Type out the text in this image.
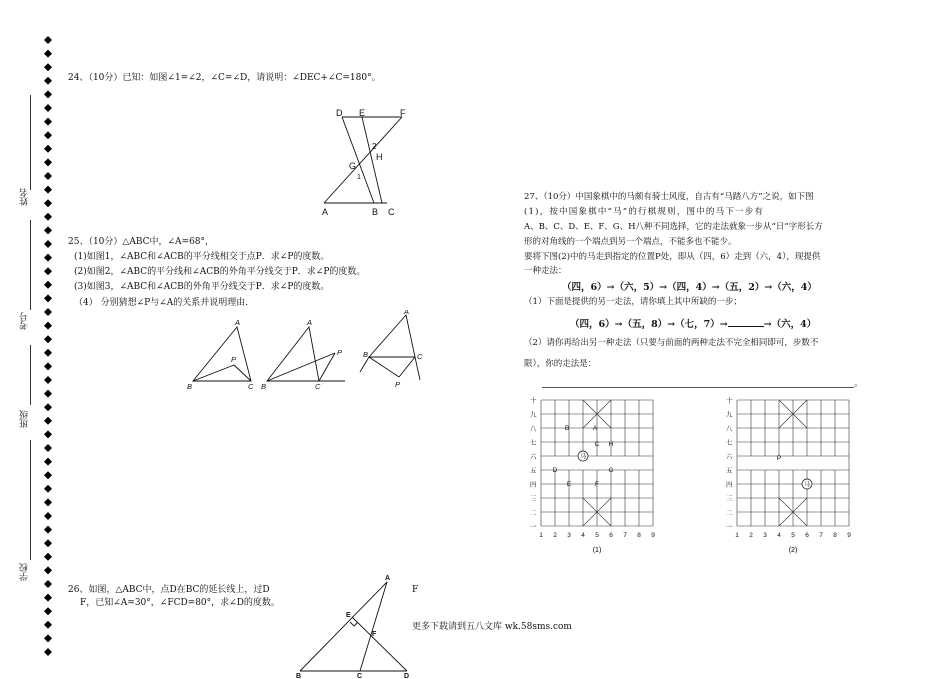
姓名
考号
班级
学校
24、（10分）已知：如图∠1=∠2，∠C=∠D，请说明：∠DEC+∠C=180°。
D E	F
G
H
2
1
A	B C
25、（10分）△ABC中，∠A=68°，
(1)如图1，∠ABC和∠ACB的平分线相交于点P．求∠P的度数。
(2)如图2，∠ABC的平分线和∠ACB的外角平分线交于P．求∠P的度数。
(3)如图3，∠ABC和∠ACB的外角平分线交于P．求∠P的度数。
（4） 分别猜想∠P与∠A的关系并说明理由.
A
B	C
P
A
B	C
P
A
B	C
P
26、如图，△ABC中，点D在BC的延长线上，过D
F，已知∠A=30°，∠FCD=80°，求∠D的度数。
F
A
E
F
B	C	D
更多下载请到五八文库 wk.58sms.com
27、（10分）中国象棋中的马颇有骑士风度，自古有“马踏八方”之说，如下图
(1)，按中国象棋中“马”的行棋规则，图中的马下一步有
A、B、C、D、E、F、G、H八种不同选择，它的走法就象一步从“日”字形长方
形的对角线的一个端点到另一个端点，不能多也不能少。
要将下图(2)中的马走到指定的位置P处，即从（四，6）走到（六，4），现提供
一种走法：
（四，6）→（六，5）→（四，4）→（五，2）→（六，4）
（1）下面是提供的另一走法，请你填上其中所缺的一步；
（四，6）→（五，8）→（七，7）→	→（六，4）
（2）请你再给出另一种走法（只要与前面的两种走法不完全相同即可，步数不
限），你的走法是：
。
十
九
八
七
六
五
四
三
二
一
1 2 3 4 5 6 7 8 9
A
B
C H
D	G
E	F
马
(1)
十
九
八
七
六
五
四
三
二
一
1 2 3 4 5 6 7 8 9
P
马
(2)
